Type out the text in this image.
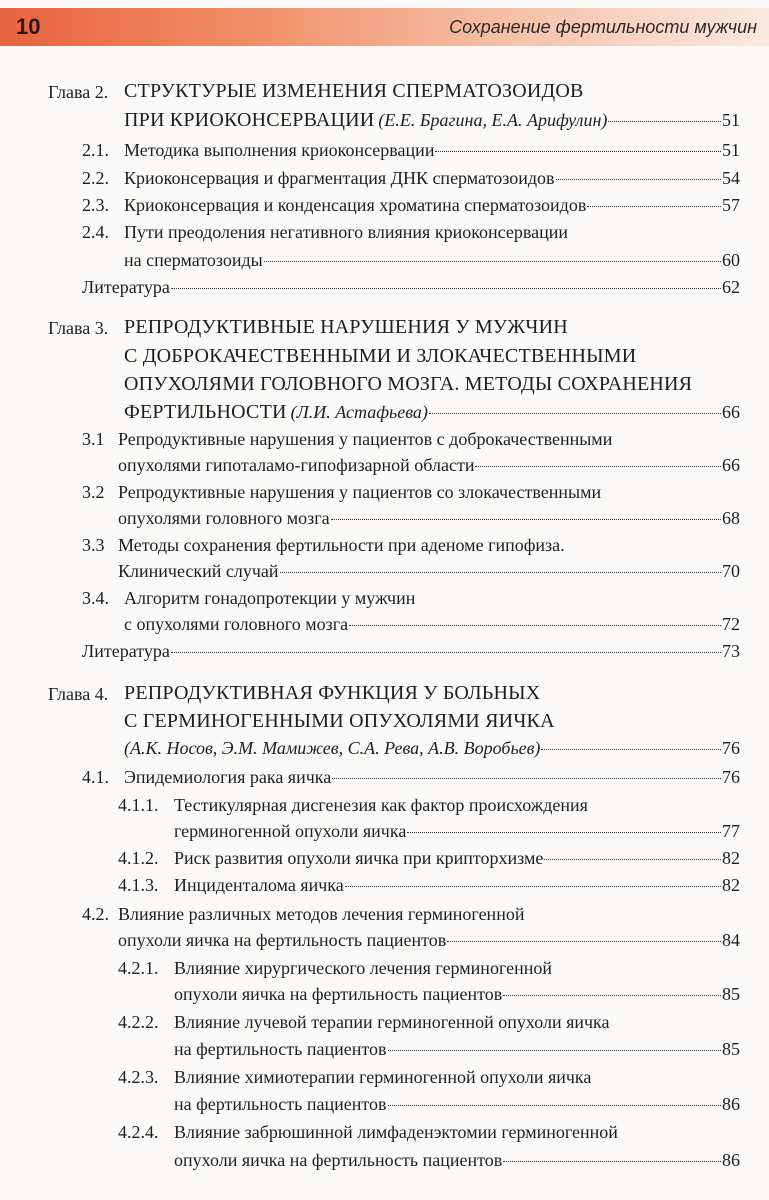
10	Сохранение фертильности мужчин
Глава 2. СТРУКТУРЫЕ ИЗМЕНЕНИЯ СПЕРМАТОЗОИДОВ
ПРИ КРИОКОНСЕРВАЦИИ
(Е.Е. Брагина, Е.А. Арифулин)	51
2.1. Методика выполнения криоконсервации	51
2.2. Криоконсервация и фрагментация ДНК сперматозоидов	54
2.3. Криоконсервация и конденсация хроматина сперматозоидов	57
2.4. Пути преодоления негативного влияния криоконсервации
на сперматозоиды	60
Литература	62
Глава 3. РЕПРОДУКТИВНЫЕ НАРУШЕНИЯ У МУЖЧИН
С ДОБРОКАЧЕСТВЕННЫМИ И ЗЛОКАЧЕСТВЕННЫМИ
ОПУХОЛЯМИ ГОЛОВНОГО МОЗГА. МЕТОДЫ СОХРАНЕНИЯ
ФЕРТИЛЬНОСТИ
(Л.И. Астафьева)	66
3.1 Репродуктивные нарушения у пациентов с доброкачественными
опухолями гипоталамо-гипофизарной области	66
3.2 Репродуктивные нарушения у пациентов со злокачественными
опухолями головного мозга	68
3.3 Методы сохранения фертильности при аденоме гипофиза.
Клинический случай	70
3.4. Алгоритм гонадопротекции у мужчин
с опухолями головного мозга	72
Литература	73
Глава 4. РЕПРОДУКТИВНАЯ ФУНКЦИЯ У БОЛЬНЫХ
С ГЕРМИНОГЕННЫМИ ОПУХОЛЯМИ ЯИЧКА
(А.К. Носов, Э.М. Мамижев, С.А. Рева, А.В. Воробьев)	76
4.1. Эпидемиология рака яичка	76
4.1.1. Тестикулярная дисгенезия как фактор происхождения
герминогенной опухоли яичка	77
4.1.2. Риск развития опухоли яичка при крипторхизме	82
4.1.3. Инциденталома яичка	82
4.2. Влияние различных методов лечения герминогенной
опухоли яичка на фертильность пациентов	84
4.2.1. Влияние хирургического лечения герминогенной
опухоли яичка на фертильность пациентов	85
4.2.2. Влияние лучевой терапии герминогенной опухоли яичка
на фертильность пациентов	85
4.2.3. Влияние химиотерапии герминогенной опухоли яичка
на фертильность пациентов	86
4.2.4. Влияние забрюшинной лимфаденэктомии герминогенной
опухоли яичка на фертильность пациентов	86
